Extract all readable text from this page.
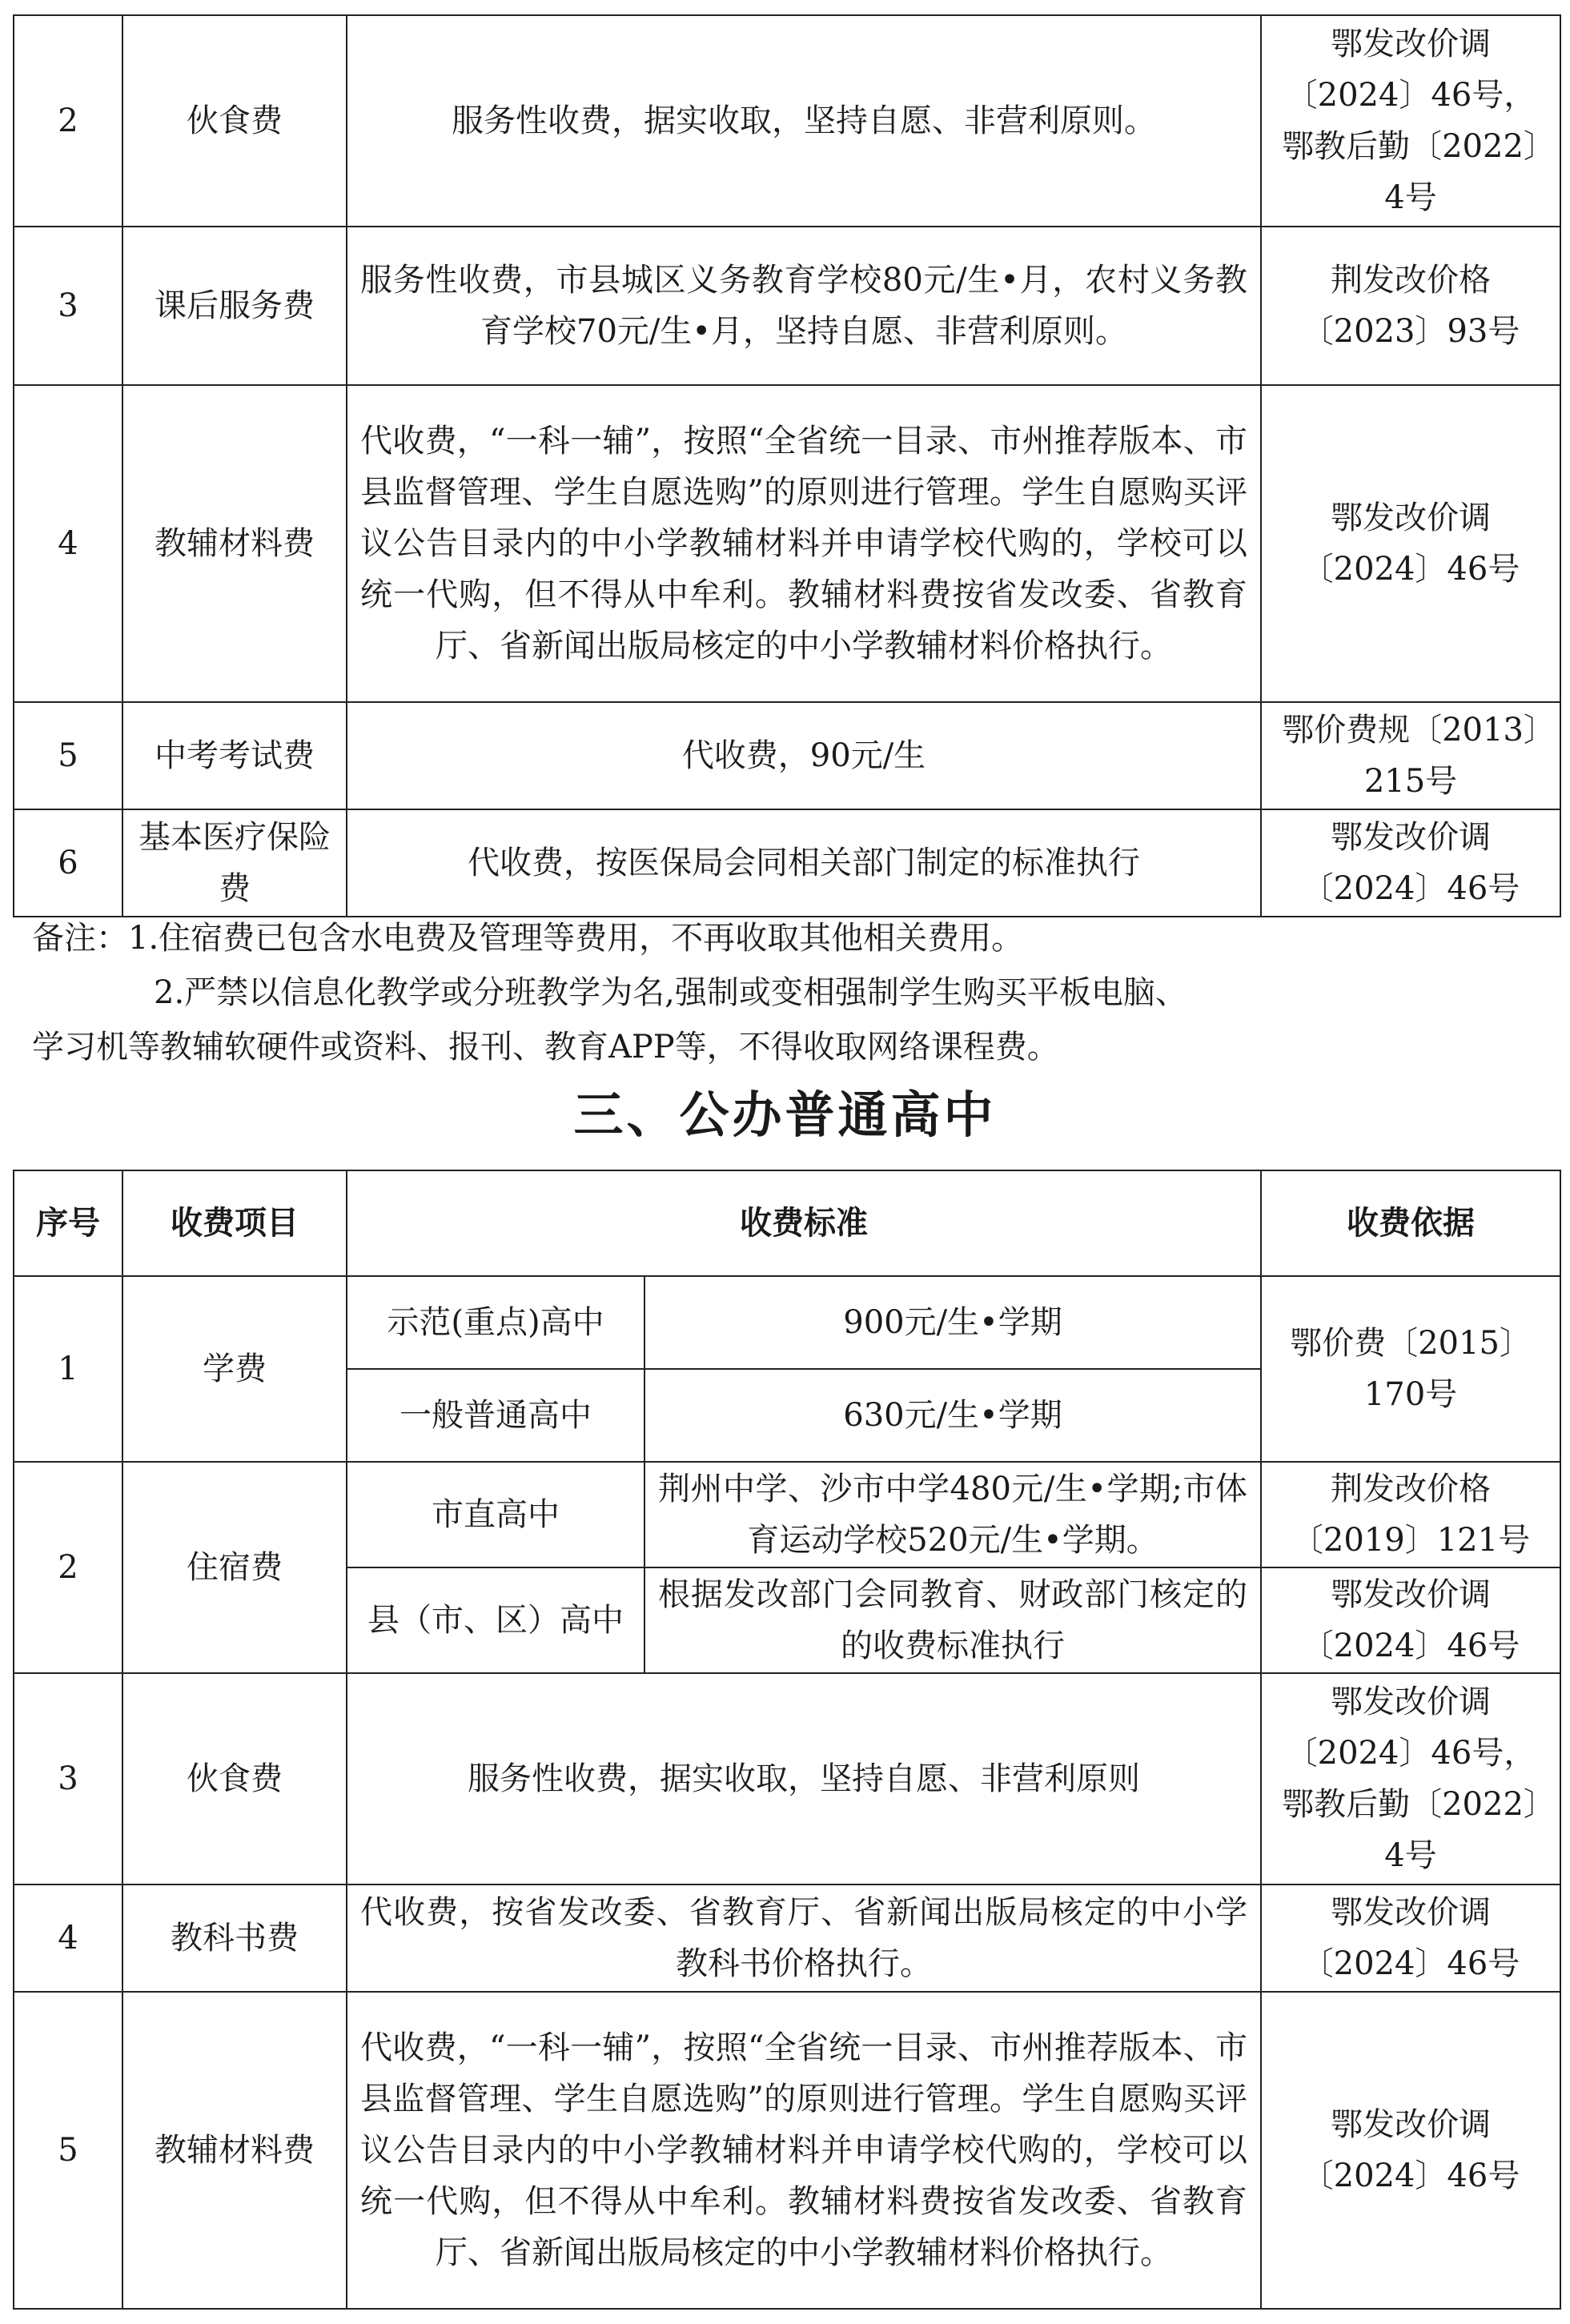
2	伙食费	服务性收费，据实收取，坚持自愿、非营利原则。	鄂发改价调〔2024〕46号，鄂教后勤〔2022〕4号
3	课后服务费	服务性收费，市县城区义务教育学校80元/生•月，农村义务教育学校70元/生•月，坚持自愿、非营利原则。	荆发改价格〔2023〕93号
4	教辅材料费	代收费，“一科一辅”，按照“全省统一目录、市州推荐版本、市县监督管理、学生自愿选购”的原则进行管理。学生自愿购买评议公告目录内的中小学教辅材料并申请学校代购的，学校可以统一代购，但不得从中牟利。教辅材料费按省发改委、省教育厅、省新闻出版局核定的中小学教辅材料价格执行。	鄂发改价调〔2024〕46号
5	中考考试费	代收费，90元/生	鄂价费规〔2013〕215号
6	基本医疗保险费	代收费，按医保局会同相关部门制定的标准执行	鄂发改价调〔2024〕46号

备注：1.住宿费已包含水电费及管理等费用，不再收取其他相关费用。

2.严禁以信息化教学或分班教学为名,强制或变相强制学生购买平板电脑、

学习机等教辅软硬件或资料、报刊、教育APP等，不得收取网络课程费。

三、公办普通高中
序号	收费项目	收费标准		收费依据
1	学费	示范(重点)高中	900元/生•学期	鄂价费〔2015〕170号
		一般普通高中	630元/生•学期	
2	住宿费	市直高中	荆州中学、沙市中学480元/生•学期;市体育运动学校520元/生•学期。	荆发改价格〔2019〕121号
		县（市、区）高中	根据发改部门会同教育、财政部门核定的的收费标准执行	鄂发改价调〔2024〕46号
3	伙食费	服务性收费，据实收取，坚持自愿、非营利原则		鄂发改价调〔2024〕46号，鄂教后勤〔2022〕4号
4	教科书费	代收费，按省发改委、省教育厅、省新闻出版局核定的中小学教科书价格执行。		鄂发改价调〔2024〕46号
5	教辅材料费	代收费，“一科一辅”，按照“全省统一目录、市州推荐版本、市县监督管理、学生自愿选购”的原则进行管理。学生自愿购买评议公告目录内的中小学教辅材料并申请学校代购的，学校可以统一代购，但不得从中牟利。教辅材料费按省发改委、省教育厅、省新闻出版局核定的中小学教辅材料价格执行。		鄂发改价调〔2024〕46号
